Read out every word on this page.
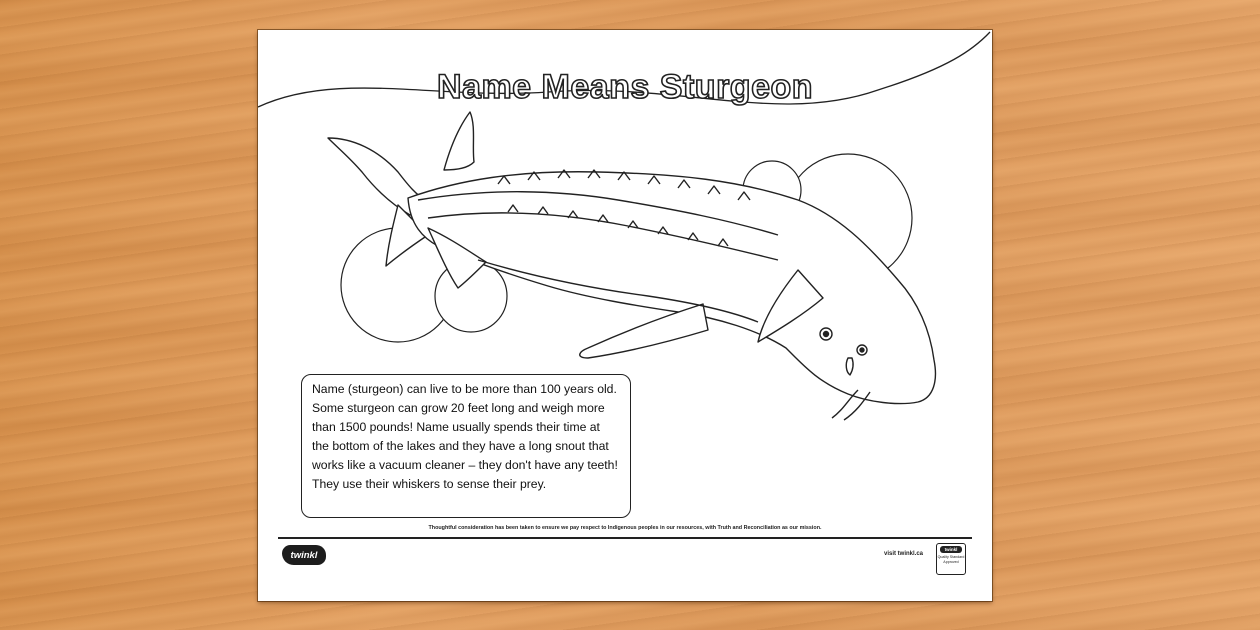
Name Means Sturgeon
Name (sturgeon) can live to be more than 100 years old. Some sturgeon can grow 20 feet long and weigh more than 1500 pounds! Name usually spends their time at the bottom of the lakes and they have a long snout that works like a vacuum cleaner – they don't have any teeth! They use their whiskers to sense their prey.
Thoughtful consideration has been taken to ensure we pay respect to Indigenous peoples in our resources, with Truth and Reconciliation as our mission.
twinkl	visit twinkl.ca
twinkl
Quality Standard Approved
